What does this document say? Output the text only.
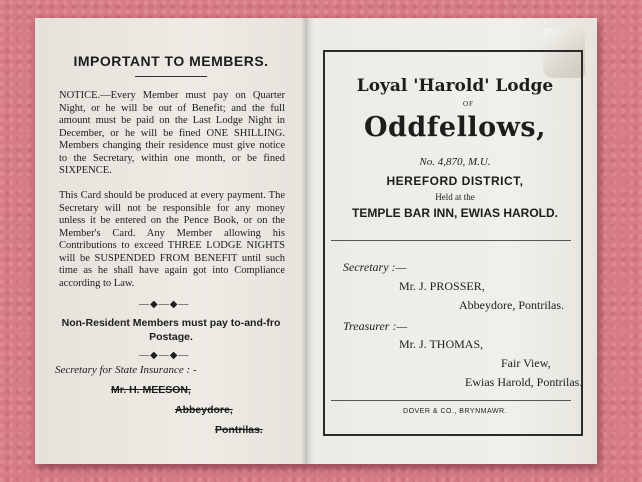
IMPORTANT TO MEMBERS.
NOTICE.—Every Member must pay on Quarter Night, or he will be out of Benefit; and the full amount must be paid on the Last Lodge Night in December, or he will be fined ONE SHILLING. Members changing their residence must give notice to the Secretary, within one month, or be fined SIXPENCE.
This Card should be produced at every payment. The Secretary will not be responsible for any money unless it be entered on the Pence Book, or on the Member's Card. Any Member allowing his Contributions to exceed THREE LODGE NIGHTS will be SUSPENDED FROM BENEFIT until such time as he shall have again got into Compliance according to Law.
—◆—◆—
Non-Resident Members must pay to-and-fro
Postage.
—◆—◆—
Secretary for State Insurance : -
Mr. H. MEESON,
Abbeydore,
Pontrilas.
Loyal 'Harold' Lodge
OF
Oddfellows,
No. 4,870, M.U.
HEREFORD DISTRICT,
Held at the
TEMPLE BAR INN, EWIAS HAROLD.
Secretary :—
Mr. J. PROSSER,
Abbeydore, Pontrilas.
Treasurer :—
Mr. J. THOMAS,
Fair View,
Ewias Harold, Pontrilas.
DOVER & CO., BRYNMAWR.
